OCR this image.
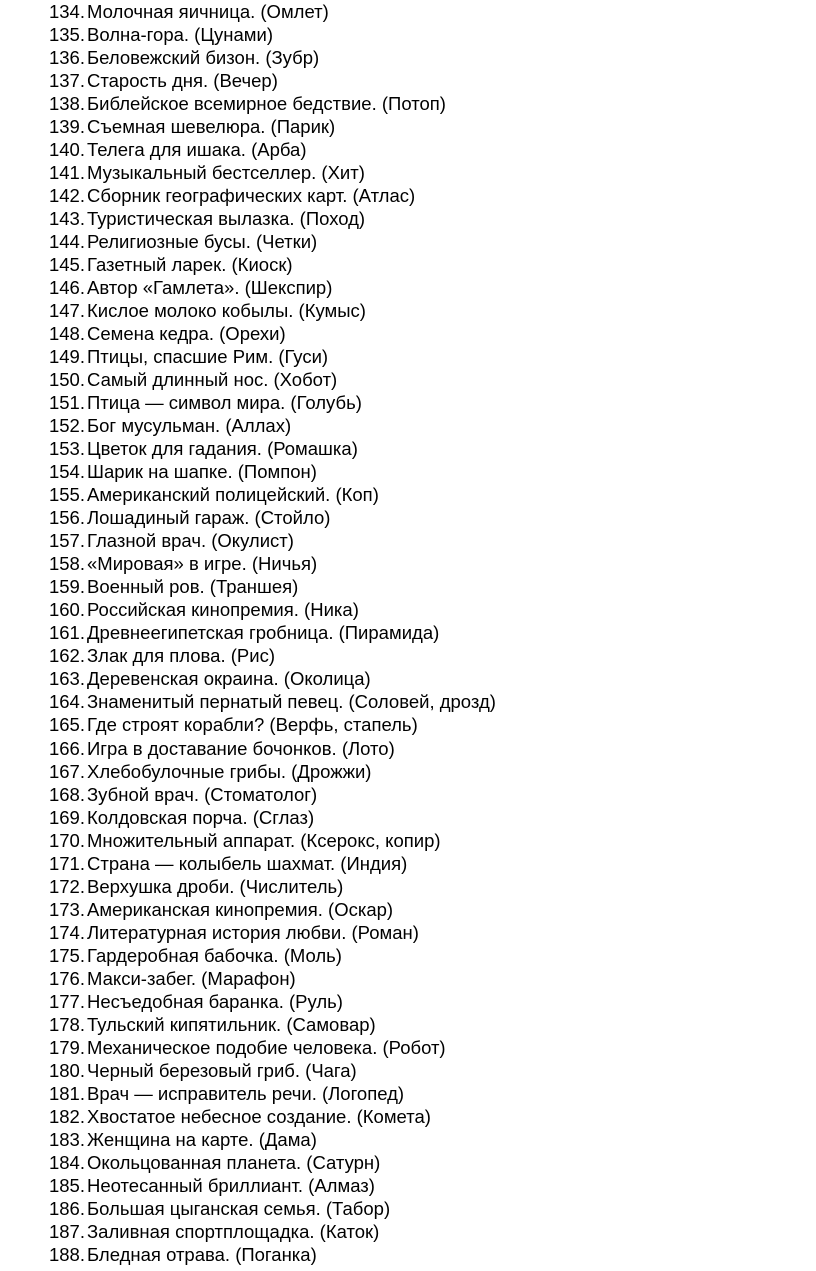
134. Молочная яичница. (Омлет)
135. Волна-гора. (Цунами)
136. Беловежский бизон. (Зубр)
137. Старость дня. (Вечер)
138. Библейское всемирное бедствие. (Потоп)
139. Съемная шевелюра. (Парик)
140. Телега для ишака. (Арба)
141. Музыкальный бестселлер. (Хит)
142. Сборник географических карт. (Атлас)
143. Туристическая вылазка. (Поход)
144. Религиозные бусы. (Четки)
145. Газетный ларек. (Киоск)
146. Автор «Гамлета». (Шекспир)
147. Кислое молоко кобылы. (Кумыс)
148. Семена кедра. (Орехи)
149. Птицы, спасшие Рим. (Гуси)
150. Самый длинный нос. (Хобот)
151. Птица — символ мира. (Голубь)
152. Бог мусульман. (Аллах)
153. Цветок для гадания. (Ромашка)
154. Шарик на шапке. (Помпон)
155. Американский полицейский. (Коп)
156. Лошадиный гараж. (Стойло)
157. Глазной врач. (Окулист)
158. «Мировая» в игре. (Ничья)
159. Военный ров. (Траншея)
160. Российская кинопремия. (Ника)
161. Древнеегипетская гробница. (Пирамида)
162. Злак для плова. (Рис)
163. Деревенская окраина. (Околица)
164. Знаменитый пернатый певец. (Соловей, дрозд)
165. Где строят корабли? (Верфь, стапель)
166. Игра в доставание бочонков. (Лото)
167. Хлебобулочные грибы. (Дрожжи)
168. Зубной врач. (Стоматолог)
169. Колдовская порча. (Сглаз)
170. Множительный аппарат. (Ксерокс, копир)
171. Страна — колыбель шахмат. (Индия)
172. Верхушка дроби. (Числитель)
173. Американская кинопремия. (Оскар)
174. Литературная история любви. (Роман)
175. Гардеробная бабочка. (Моль)
176. Макси-забег. (Марафон)
177. Несъедобная баранка. (Руль)
178. Тульский кипятильник. (Самовар)
179. Механическое подобие человека. (Робот)
180. Черный березовый гриб. (Чага)
181. Врач — исправитель речи. (Логопед)
182. Хвостатое небесное создание. (Комета)
183. Женщина на карте. (Дама)
184. Окольцованная планета. (Сатурн)
185. Неотесанный бриллиант. (Алмаз)
186. Большая цыганская семья. (Табор)
187. Заливная спортплощадка. (Каток)
188. Бледная отрава. (Поганка)
